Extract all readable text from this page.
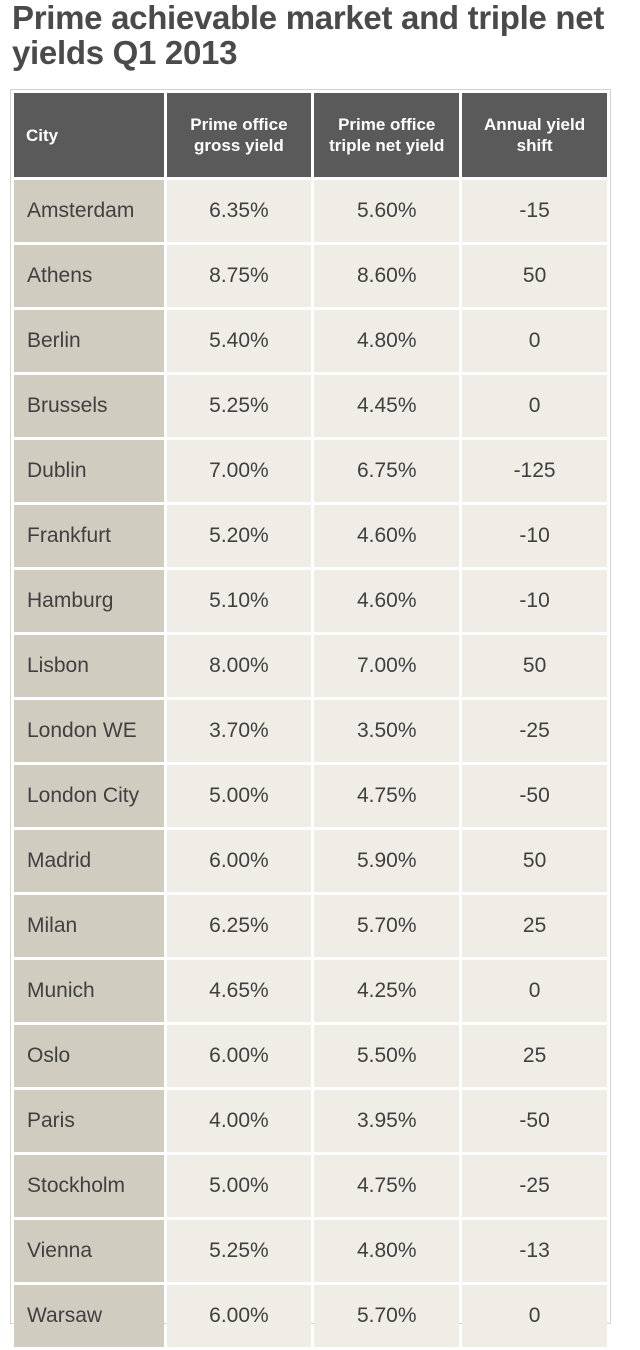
Prime achievable market and triple net yields Q1 2013
City	Prime office gross yield	Prime office triple net yield	Annual yield shift
Amsterdam	6.35%	5.60%	-15
Athens	8.75%	8.60%	50
Berlin	5.40%	4.80%	0
Brussels	5.25%	4.45%	0
Dublin	7.00%	6.75%	-125
Frankfurt	5.20%	4.60%	-10
Hamburg	5.10%	4.60%	-10
Lisbon	8.00%	7.00%	50
London WE	3.70%	3.50%	-25
London City	5.00%	4.75%	-50
Madrid	6.00%	5.90%	50
Milan	6.25%	5.70%	25
Munich	4.65%	4.25%	0
Oslo	6.00%	5.50%	25
Paris	4.00%	3.95%	-50
Stockholm	5.00%	4.75%	-25
Vienna	5.25%	4.80%	-13
Warsaw	6.00%	5.70%	0
